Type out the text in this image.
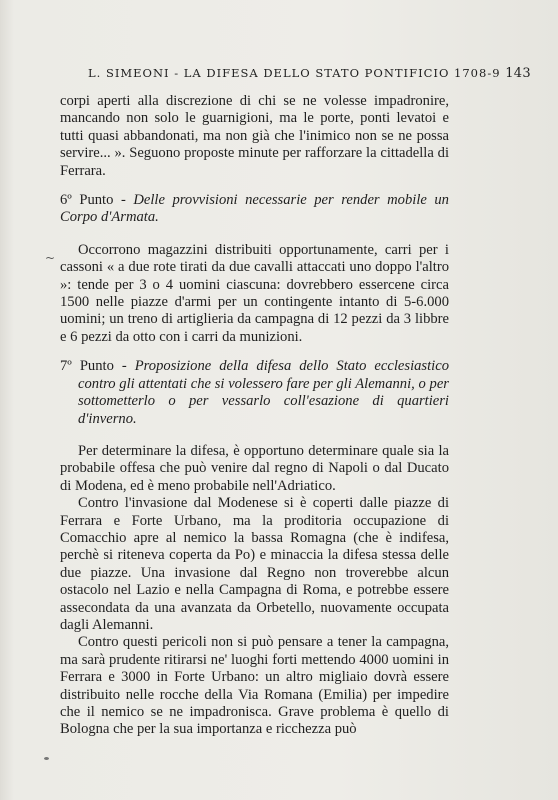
L. SIMEONI - LA DIFESA DELLO STATO PONTIFICIO 1708-9 143
~

corpi aperti alla discrezione di chi se ne volesse impadronire, mancando non solo le guarnigioni, ma le porte, ponti levatoi e tutti quasi abbandonati, ma non già che l'inimico non se ne possa servire... ». Seguono proposte minute per rafforzare la cittadella di Ferrara.

6º Punto - Delle provvisioni necessarie per render mobile un Corpo d'Armata.

Occorrono magazzini distribuiti opportunamente, carri per i cassoni « a due rote tirati da due cavalli attaccati uno doppo l'altro »: tende per 3 o 4 uomini ciascuna: dovrebbero essercene circa 1500 nelle piazze d'armi per un contingente intanto di 5-6.000 uomini; un treno di artiglieria da campagna di 12 pezzi da 3 libbre e 6 pezzi da otto con i carri da munizioni.

7º Punto - Proposizione della difesa dello Stato ecclesiastico contro gli attentati che si volessero fare per gli Alemanni, o per sottometterlo o per vessarlo coll'esazione di quartieri d'inverno.

Per determinare la difesa, è opportuno determinare quale sia la probabile offesa che può venire dal regno di Napoli o dal Ducato di Modena, ed è meno probabile nell'Adriatico.

Contro l'invasione dal Modenese si è coperti dalle piazze di Ferrara e Forte Urbano, ma la proditoria occupazione di Comacchio apre al nemico la bassa Romagna (che è indifesa, perchè si riteneva coperta da Po) e minaccia la difesa stessa delle due piazze. Una invasione dal Regno non troverebbe alcun ostacolo nel Lazio e nella Campagna di Roma, e potrebbe essere assecondata da una avanzata da Orbetello, nuovamente occupata dagli Alemanni.

Contro questi pericoli non si può pensare a tener la campagna, ma sarà prudente ritirarsi ne' luoghi forti mettendo 4000 uomini in Ferrara e 3000 in Forte Urbano: un altro migliaio dovrà essere distribuito nelle rocche della Via Romana (Emilia) per impedire che il nemico se ne impadronisca. Grave problema è quello di Bologna che per la sua importanza e ricchezza può
